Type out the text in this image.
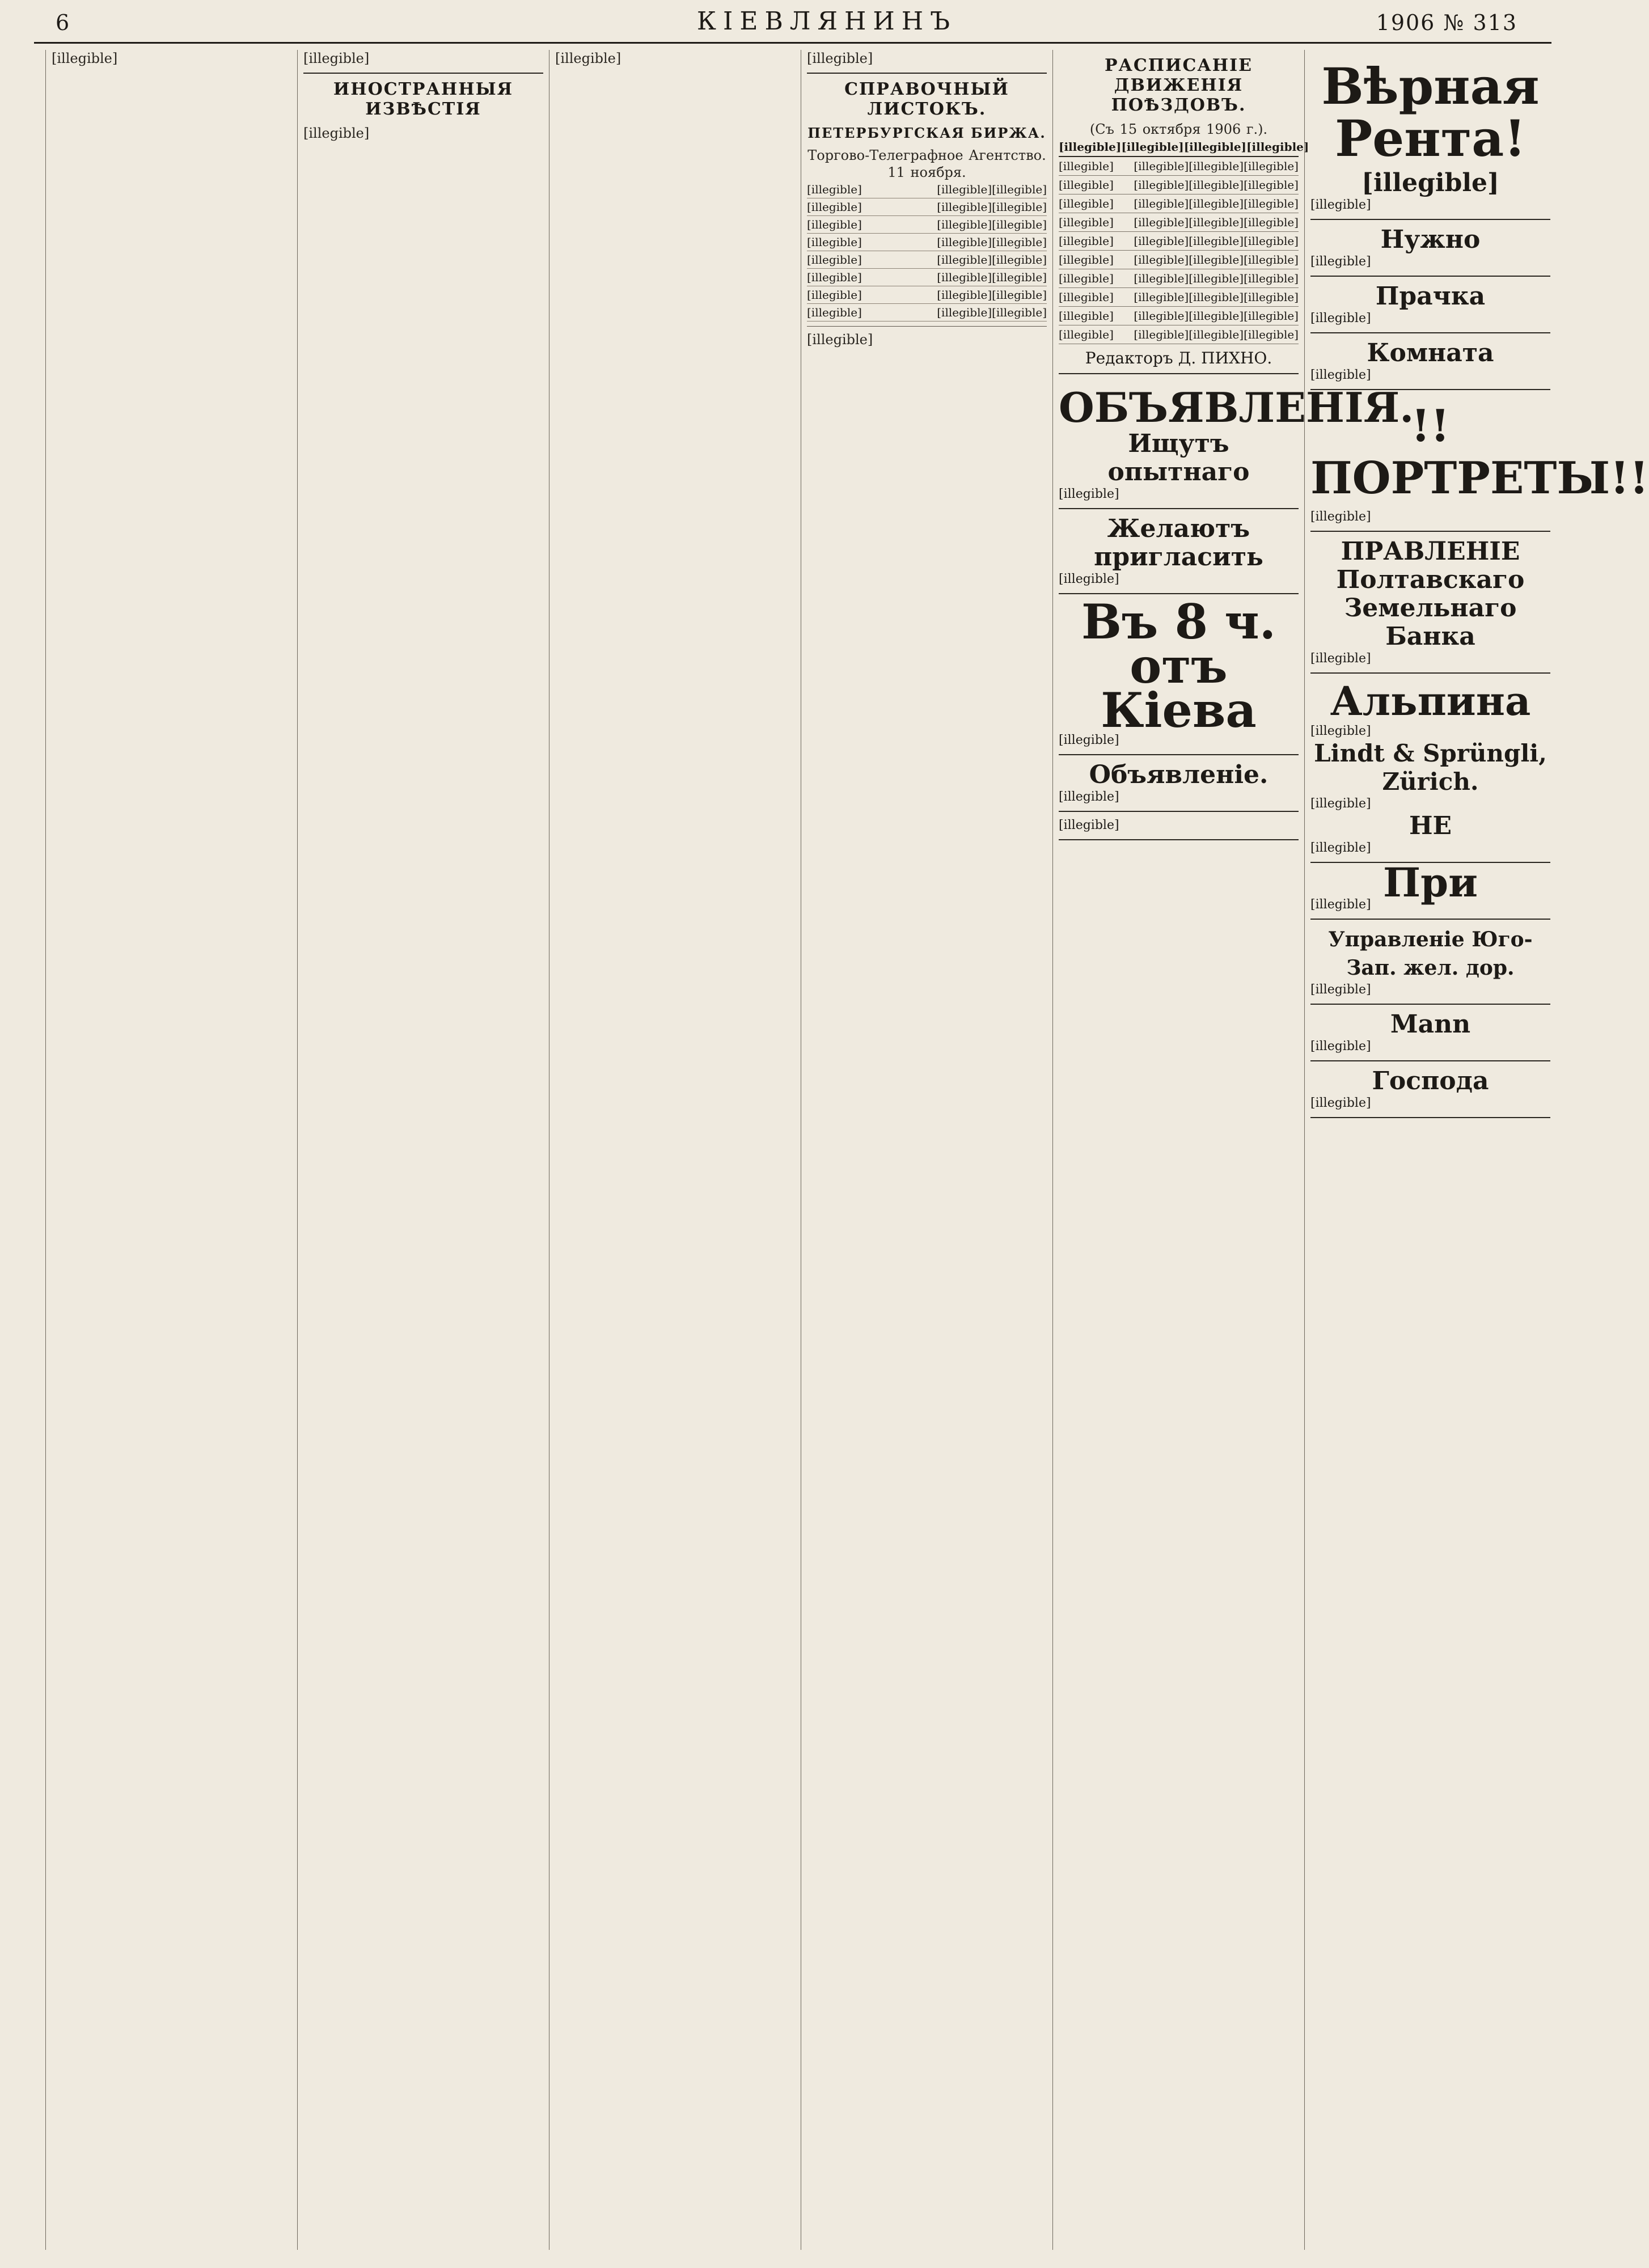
6	КІЕВЛЯНИНЪ	1906 № 313
[illegible]	[illegible]
ИНОСТРАННЫЯ ИЗВѢСТІЯ
[illegible]
[illegible]	[illegible]
СПРАВОЧНЫЙ ЛИСТОКЪ.
ПЕТЕРБУРГСКАЯ БИРЖА.
Торгово-Телеграфное Агентство.
11 ноября.
[illegible]	[illegible] [illegible]
[illegible]	[illegible] [illegible]
[illegible]	[illegible] [illegible]
[illegible]	[illegible] [illegible]
[illegible]	[illegible] [illegible]
[illegible]	[illegible] [illegible]
[illegible]	[illegible] [illegible]
[illegible]	[illegible] [illegible]
[illegible]
РАСПИСАНІЕ ДВИЖЕНІЯ ПОѢЗДОВЪ.
(Съ 15 октября 1906 г.).
[illegible] [illegible] [illegible] [illegible]
[illegible]	[illegible] [illegible] [illegible]
[illegible]	[illegible] [illegible] [illegible]
[illegible]	[illegible] [illegible] [illegible]
[illegible]	[illegible] [illegible] [illegible]
[illegible]	[illegible] [illegible] [illegible]
[illegible]	[illegible] [illegible] [illegible]
[illegible]	[illegible] [illegible] [illegible]
[illegible]	[illegible] [illegible] [illegible]
[illegible]	[illegible] [illegible] [illegible]
[illegible]	[illegible] [illegible] [illegible]
Редакторъ Д. ПИХНО.
ОБЪЯВЛЕНІЯ.
Ищутъ опытнаго
[illegible]
Желаютъ пригласить
[illegible]
Въ 8 ч. отъ Кіева
[illegible]
Объявленіе.
[illegible]
[illegible]
Вѣрная Рента!
[illegible]
[illegible]
Нужно
[illegible]
Прачка
[illegible]
Комната
[illegible]
!!ПОРТРЕТЫ!!
[illegible]
ПРАВЛЕНІЕ Полтавскаго Земельнаго Банка
[illegible]
Альпина
[illegible]
Lindt & Sprüngli, Zürich.
[illegible]
НЕ
[illegible]
При
[illegible]
Управленіе Юго-Зап. жел. дор.
[illegible]
Mann
[illegible]
Господа
[illegible]
